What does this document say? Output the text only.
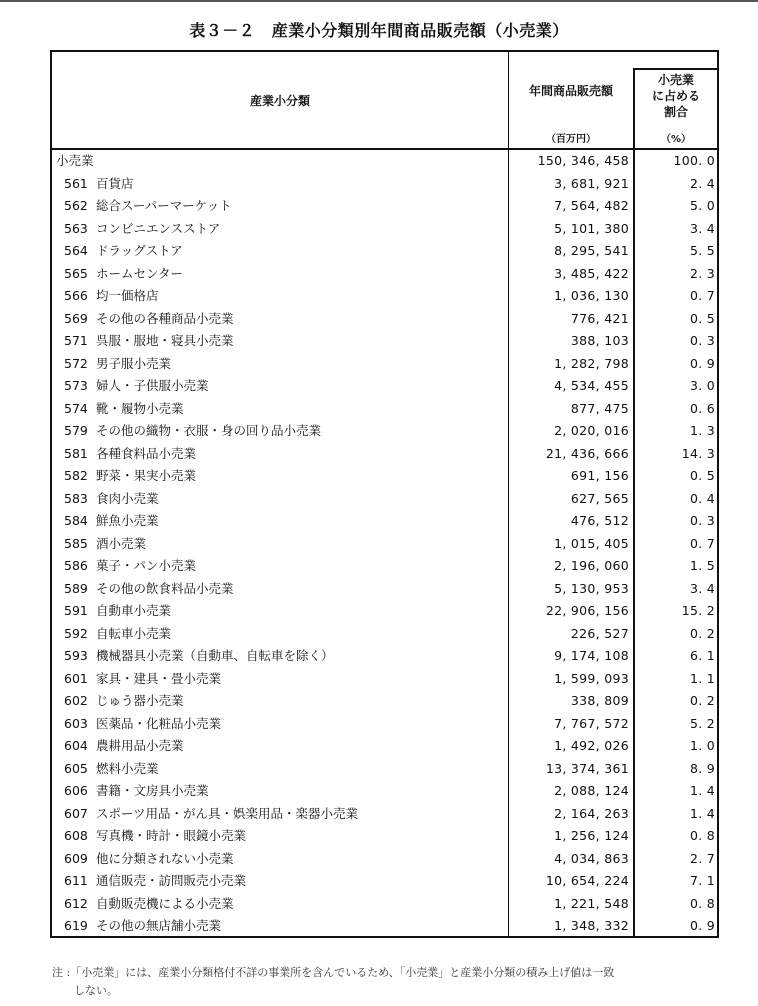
表３－２　産業小分類別年間商品販売額（小売業）
産業小分類
年間商品販売額
（百万円）
小売業
に占める
割合
（%）
小売業	150, 346, 458	100. 0
561 百貨店	3, 681, 921	2. 4
562 総合スーパーマーケット	7, 564, 482	5. 0
563 コンビニエンスストア	5, 101, 380	3. 4
564 ドラッグストア	8, 295, 541	5. 5
565 ホームセンター	3, 485, 422	2. 3
566 均一価格店	1, 036, 130	0. 7
569 その他の各種商品小売業	776, 421	0. 5
571 呉服・服地・寝具小売業	388, 103	0. 3
572 男子服小売業	1, 282, 798	0. 9
573 婦人・子供服小売業	4, 534, 455	3. 0
574 靴・履物小売業	877, 475	0. 6
579 その他の織物・衣服・身の回り品小売業	2, 020, 016	1. 3
581 各種食料品小売業	21, 436, 666	14. 3
582 野菜・果実小売業	691, 156	0. 5
583 食肉小売業	627, 565	0. 4
584 鮮魚小売業	476, 512	0. 3
585 酒小売業	1, 015, 405	0. 7
586 菓子・パン小売業	2, 196, 060	1. 5
589 その他の飲食料品小売業	5, 130, 953	3. 4
591 自動車小売業	22, 906, 156	15. 2
592 自転車小売業	226, 527	0. 2
593 機械器具小売業（自動車、自転車を除く）	9, 174, 108	6. 1
601 家具・建具・畳小売業	1, 599, 093	1. 1
602 じゅう器小売業	338, 809	0. 2
603 医薬品・化粧品小売業	7, 767, 572	5. 2
604 農耕用品小売業	1, 492, 026	1. 0
605 燃料小売業	13, 374, 361	8. 9
606 書籍・文房具小売業	2, 088, 124	1. 4
607 スポーツ用品・がん具・娯楽用品・楽器小売業	2, 164, 263	1. 4
608 写真機・時計・眼鏡小売業	1, 256, 124	0. 8
609 他に分類されない小売業	4, 034, 863	2. 7
611 通信販売・訪問販売小売業	10, 654, 224	7. 1
612 自動販売機による小売業	1, 221, 548	0. 8
619 その他の無店舗小売業	1, 348, 332	0. 9
注 :「小売業」には、産業小分類格付不詳の事業所を含んでいるため、「小売業」と産業小分類の積み上げ値は一致
しない。
